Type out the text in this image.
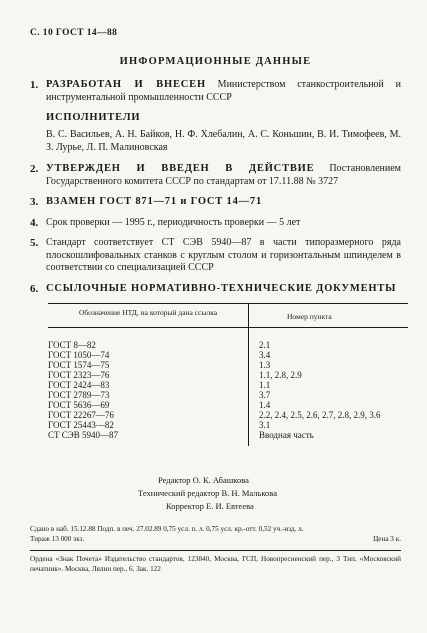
С. 10 ГОСТ 14—88
ИНФОРМАЦИОННЫЕ ДАННЫЕ
1. РАЗРАБОТАН И ВНЕСЕН Министерством станкостроительной и инструментальной промышленности СССР
ИСПОЛНИТЕЛИ
В. С. Васильев, А. Н. Байков, Н. Ф. Хлебалин, А. С. Коньшин, В. И. Тимофеев, М. З. Лурье, Л. П. Малиновская
2. УТВЕРЖДЕН И ВВЕДЕН В ДЕЙСТВИЕ Постановлением Государственного комитета СССР по стандартам от 17.11.88 № 3727
3. ВЗАМЕН ГОСТ 871—71 и ГОСТ 14—71
4. Срок проверки — 1995 г., периодичность проверки — 5 лет
5. Стандарт соответствует СТ СЭВ 5940—87 в части типоразмерного ряда плоскошлифовальных станков с круглым столом и горизонтальным шпинделем в соответствии со специализацией СССР
6. ССЫЛОЧНЫЕ НОРМАТИВНО-ТЕХНИЧЕСКИЕ ДОКУМЕНТЫ
Обозначение НТД, на который дана ссылка	Номер пункта
ГОСТ 8—82	2.1
ГОСТ 1050—74	3.4
ГОСТ 1574—75	1.3
ГОСТ 2323—76	1.1, 2.8, 2.9
ГОСТ 2424—83	1.1
ГОСТ 2789—73	3.7
ГОСТ 5636—69	1.4
ГОСТ 22267—76	2.2, 2.4, 2.5, 2.6, 2.7, 2.8, 2.9, 3.6
ГОСТ 25443—82	3.1
СТ СЭВ 5940—87	Вводная часть
Редактор О. К. Абашкова
Технический редактор В. Н. Малькова
Корректор Е. И. Евтеева
Сдано в наб. 15.12.88 Подп. в печ. 27.02.89 0,75 усл. п. л. 0,75 усл. кр.-отт. 0,52 уч.-изд. л.
Тираж 13 000 экз.	Цена 3 к.
Ордена «Знак Почета» Издательство стандартов, 123840, Москва, ГСП, Новопресненский пер., 3 Тип. «Московский печатник». Москва, Лялин пер., 6. Зак. 122
